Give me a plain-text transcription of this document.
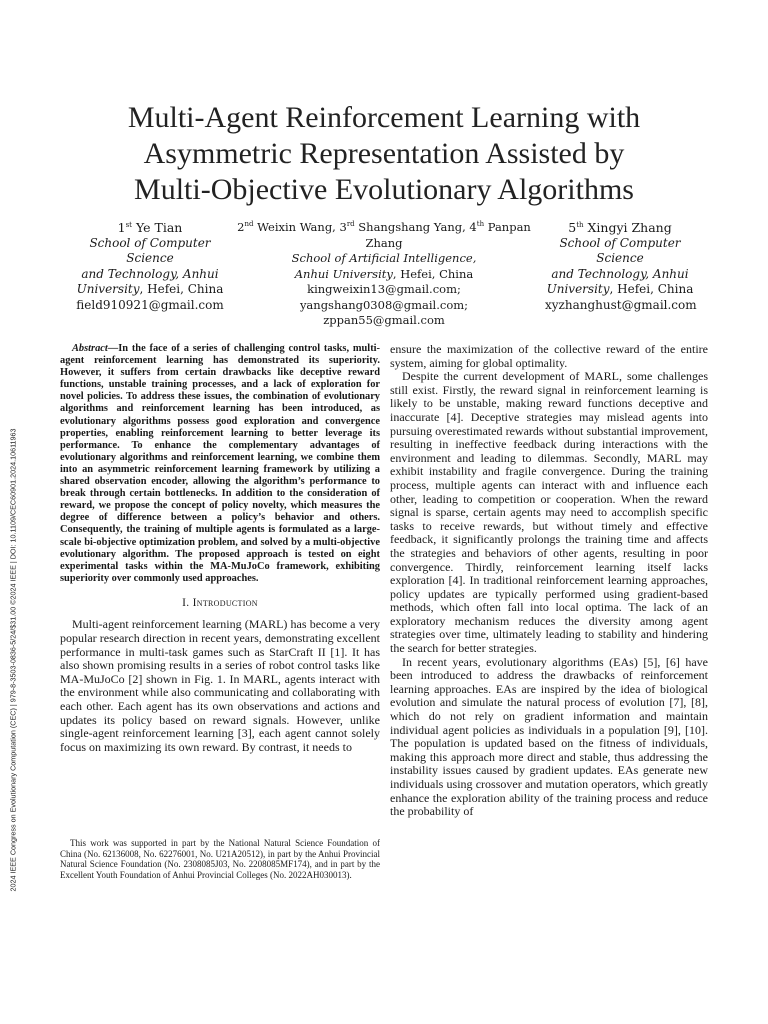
2024 IEEE Congress on Evolutionary Computation (CEC) | 979-8-3503-0836-5/24/$31.00 ©2024 IEEE | DOI: 10.1109/CEC60901.2024.10611963
Multi-Agent Reinforcement Learning with
Asymmetric Representation Assisted by
Multi-Objective Evolutionary Algorithms
1st Ye Tian
School of Computer Science
and Technology, Anhui
University, Hefei, China
field910921@gmail.com
2nd Weixin Wang, 3rd Shangshang Yang, 4th Panpan Zhang
School of Artificial Intelligence,
Anhui University, Hefei, China
kingweixin13@gmail.com; yangshang0308@gmail.com;
zppan55@gmail.com
5th Xingyi Zhang
School of Computer Science
and Technology, Anhui
University, Hefei, China
xyzhanghust@gmail.com

Abstract—In the face of a series of challenging control tasks, multi-agent reinforcement learning has demonstrated its superiority. However, it suffers from certain drawbacks like deceptive reward functions, unstable training processes, and a lack of exploration for novel policies. To address these issues, the combination of evolutionary algorithms and reinforcement learning has been introduced, as evolutionary algorithms possess good exploration and convergence properties, enabling reinforcement learning to better leverage its performance. To enhance the complementary advantages of evolutionary algorithms and reinforcement learning, we combine them into an asymmetric reinforcement learning framework by utilizing a shared observation encoder, allowing the algorithm’s performance to break through certain bottlenecks. In addition to the consideration of reward, we propose the concept of policy novelty, which measures the degree of difference between a policy’s behavior and others. Consequently, the training of multiple agents is formulated as a large-scale bi-objective optimization problem, and solved by a multi-objective evolutionary algorithm. The proposed approach is tested on eight experimental tasks within the MA-MuJoCo framework, exhibiting superiority over commonly used approaches.

I. Introduction

Multi-agent reinforcement learning (MARL) has become a very popular research direction in recent years, demonstrating excellent performance in multi-task games such as StarCraft II [1]. It has also shown promising results in a series of robot control tasks like MA-MuJoCo [2] shown in Fig. 1. In MARL, agents interact with the environment while also communicating and collaborating with each other. Each agent has its own observations and actions and updates its policy based on reward signals. However, unlike single-agent reinforcement learning [3], each agent cannot solely focus on maximizing its own reward. By contrast, it needs to

This work was supported in part by the National Natural Science Foundation of China (No. 62136008, No. 62276001, No. U21A20512), in part by the Anhui Provincial Natural Science Foundation (No. 2308085J03, No. 2208085MF174), and in part by the Excellent Youth Foundation of Anhui Provincial Colleges (No. 2022AH030013).

ensure the maximization of the collective reward of the entire system, aiming for global optimality.

Despite the current development of MARL, some challenges still exist. Firstly, the reward signal in reinforcement learning is likely to be unstable, making reward functions deceptive and inaccurate [4]. Deceptive strategies may mislead agents into pursuing overestimated rewards without substantial improvement, resulting in ineffective feedback during interactions with the environment and leading to dilemmas. Secondly, MARL may exhibit instability and fragile convergence. During the training process, multiple agents can interact with and influence each other, leading to competition or cooperation. When the reward signal is sparse, certain agents may need to accomplish specific tasks to receive rewards, but without timely and effective feedback, it significantly prolongs the training time and affects the strategies and behaviors of other agents, resulting in poor convergence. Thirdly, reinforcement learning itself lacks exploration [4]. In traditional reinforcement learning approaches, policy updates are typically performed using gradient-based methods, which often fall into local optima. The lack of an exploratory mechanism reduces the diversity among agent strategies over time, ultimately leading to stability and hindering the search for better strategies.

In recent years, evolutionary algorithms (EAs) [5], [6] have been introduced to address the drawbacks of reinforcement learning approaches. EAs are inspired by the idea of biological evolution and simulate the natural process of evolution [7], [8], which do not rely on gradient information and maintain individual agent policies as individuals in a population [9], [10]. The population is updated based on the fitness of individuals, making this approach more direct and stable, thus addressing the instability issues caused by gradient updates. EAs generate new individuals using crossover and mutation operators, which greatly enhance the exploration ability of the training process and reduce the probability of
